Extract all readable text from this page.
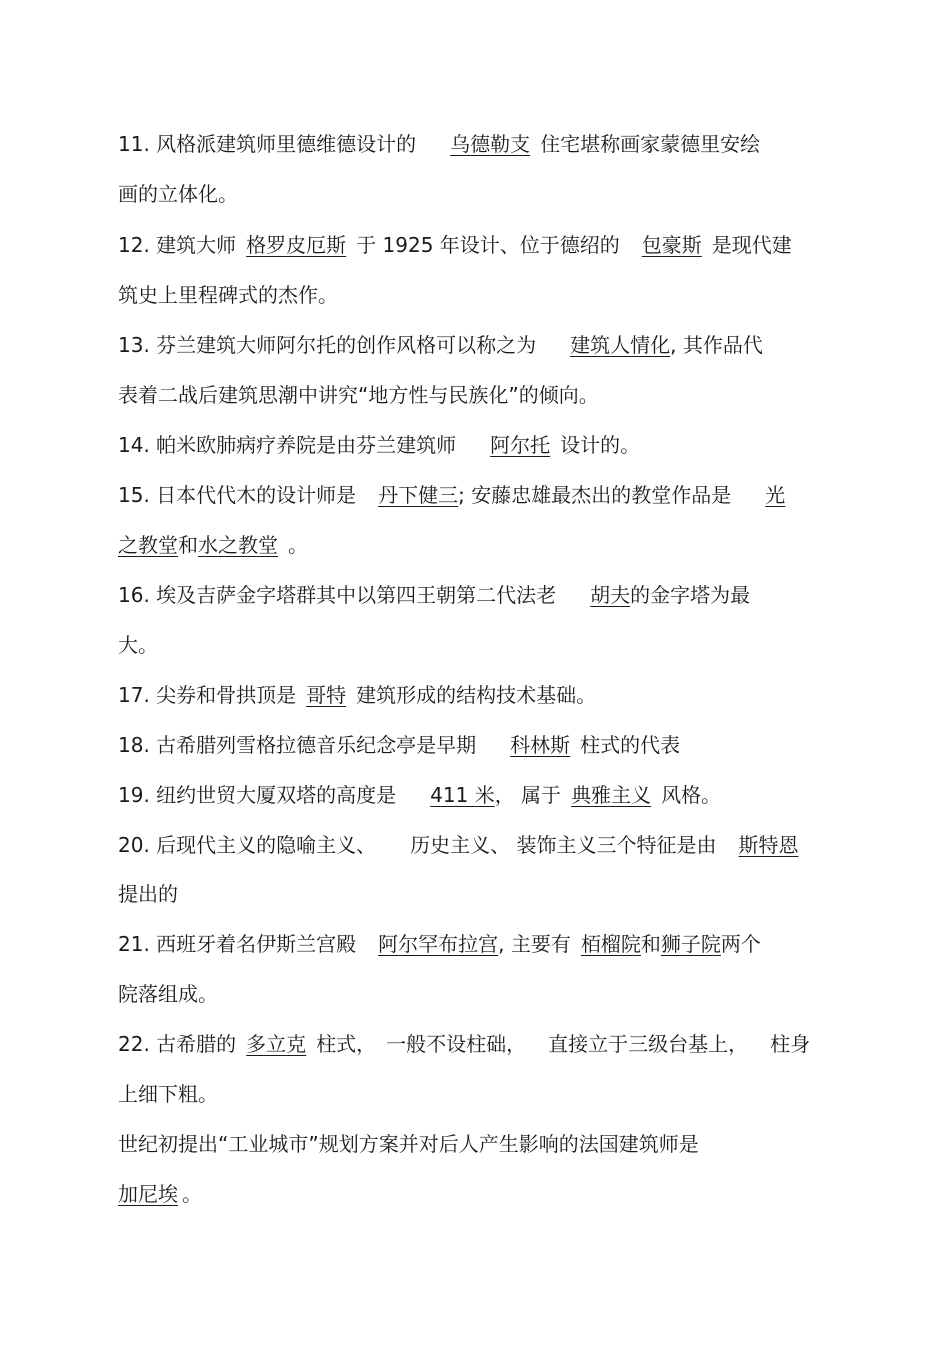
11. 风格派建筑师里德维德设计的 乌德勒支 住宅堪称画家蒙德里安绘
画的立体化。
12. 建筑大师 格罗皮厄斯 于 1925 年设计、位于德绍的 包豪斯 是现代建
筑史上里程碑式的杰作。
13. 芬兰建筑大师阿尔托的创作风格可以称之为 建筑人情化, 其作品代
表着二战后建筑思潮中讲究“地方性与民族化”的倾向。
14. 帕米欧肺病疗养院是由芬兰建筑师 阿尔托 设计的。
15. 日本代代木的设计师是 丹下健三; 安藤忠雄最杰出的教堂作品是 光
之教堂和水之教堂 。
16. 埃及吉萨金字塔群其中以第四王朝第二代法老 胡夫的金字塔为最
大。
17. 尖券和骨拱顶是 哥特 建筑形成的结构技术基础。
18. 古希腊列雪格拉德音乐纪念亭是早期 科林斯 柱式的代表
19. 纽约世贸大厦双塔的高度是 411 米， 属于 典雅主义 风格。
20. 后现代主义的隐喻主义、 历史主义、 装饰主义三个特征是由 斯特恩
提出的
21. 西班牙着名伊斯兰宫殿 阿尔罕布拉宫, 主要有 栢榴院和狮子院两个
院落组成。
22. 古希腊的 多立克 柱式， 一般不设柱础， 直接立于三级台基上， 柱身
上细下粗。
世纪初提出“工业城市”规划方案并对后人产生影响的法国建筑师是
加尼埃 。
